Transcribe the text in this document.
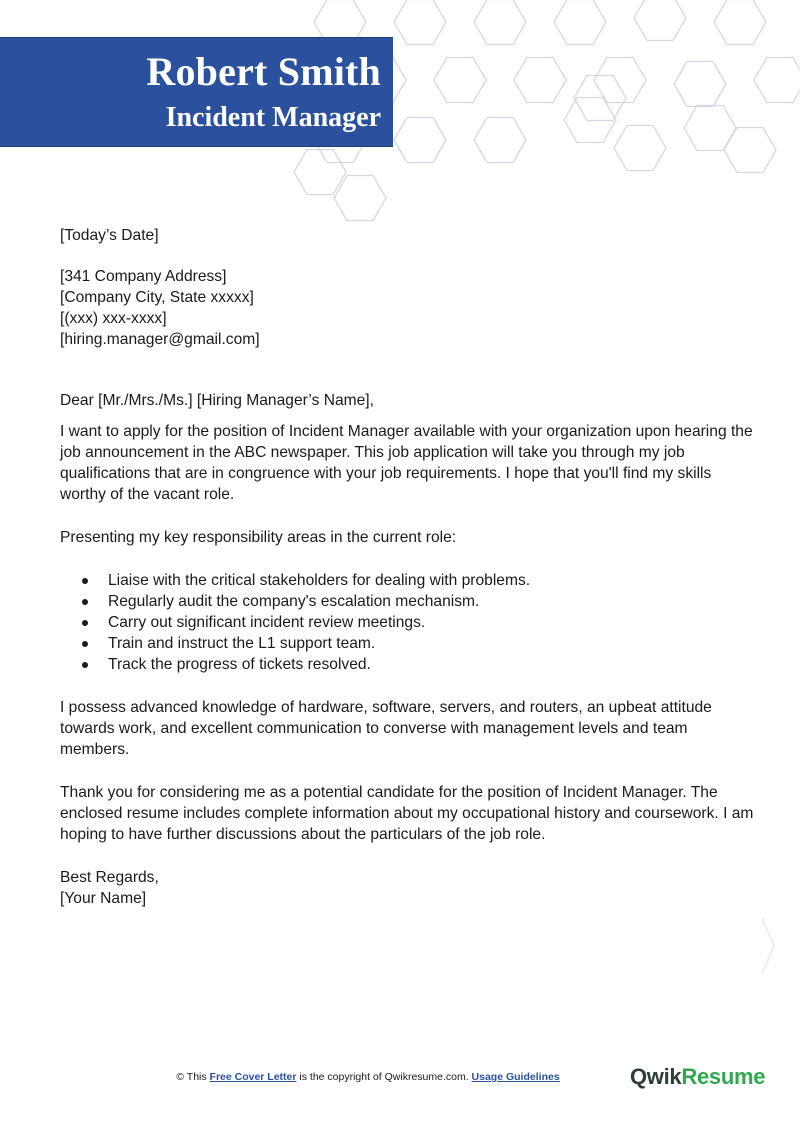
Robert Smith
Incident Manager

[Today’s Date]

[341 Company Address]

[Company City, State xxxxx]

[(xxx) xxx-xxxx]

[hiring.manager@gmail.com]

Dear [Mr./Mrs./Ms.] [Hiring Manager’s Name],

I want to apply for the position of Incident Manager available with your organization upon hearing the job announcement in the ABC newspaper. This job application will take you through my job qualifications that are in congruence with your job requirements. I hope that you'll find my skills worthy of the vacant role.

Presenting my key responsibility areas in the current role:

Liaise with the critical stakeholders for dealing with problems.
Regularly audit the company's escalation mechanism.
Carry out significant incident review meetings.
Train and instruct the L1 support team.
Track the progress of tickets resolved.

I possess advanced knowledge of hardware, software, servers, and routers, an upbeat attitude towards work, and excellent communication to converse with management levels and team members.

Thank you for considering me as a potential candidate for the position of Incident Manager. The enclosed resume includes complete information about my occupational history and coursework. I am hoping to have further discussions about the particulars of the job role.

Best Regards,

[Your Name]

© This Free Cover Letter is the copyright of Qwikresume.com. Usage Guidelines	QwikResume
